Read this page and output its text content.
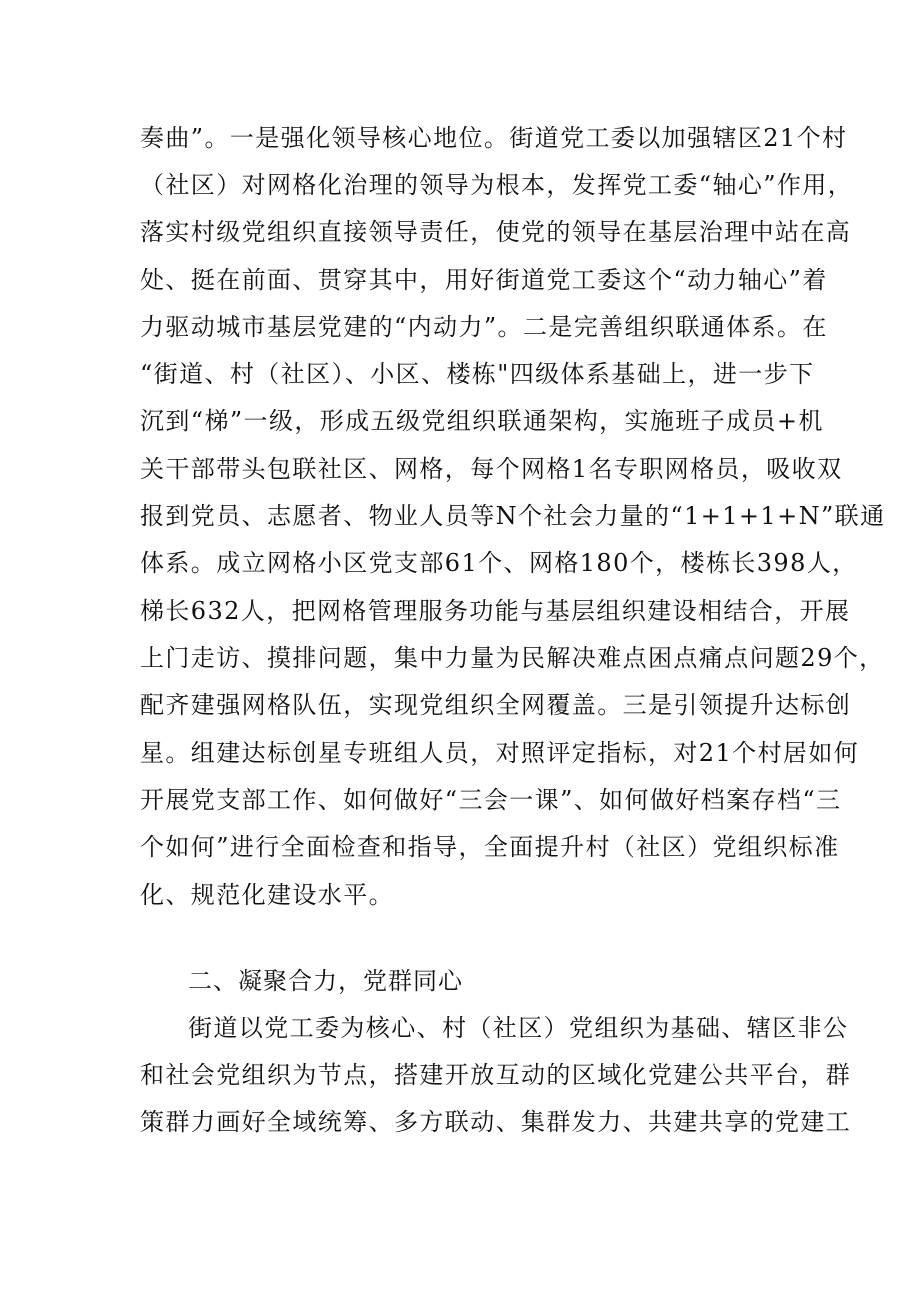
奏曲”。一是强化领导核心地位。街道党工委以加强辖区21个村
（社区）对网格化治理的领导为根本，发挥党工委“轴心”作用，
落实村级党组织直接领导责任，使党的领导在基层治理中站在高
处、挺在前面、贯穿其中，用好街道党工委这个“动力轴心”着
力驱动城市基层党建的“内动力”。二是完善组织联通体系。在
“街道、村（社区）、小区、楼栋"四级体系基础上，进一步下
沉到“梯”一级，形成五级党组织联通架构，实施班子成员+机
关干部带头包联社区、网格，每个网格1名专职网格员，吸收双
报到党员、志愿者、物业人员等N个社会力量的“1+1+1+N”联通
体系。成立网格小区党支部61个、网格180个，楼栋长398人，
梯长632人，把网格管理服务功能与基层组织建设相结合，开展
上门走访、摸排问题，集中力量为民解决难点困点痛点问题29个，
配齐建强网格队伍，实现党组织全网覆盖。三是引领提升达标创
星。组建达标创星专班组人员，对照评定指标，对21个村居如何
开展党支部工作、如何做好“三会一课”、如何做好档案存档“三
个如何”进行全面检查和指导，全面提升村（社区）党组织标准
化、规范化建设水平。
二、凝聚合力，党群同心
街道以党工委为核心、村（社区）党组织为基础、辖区非公
和社会党组织为节点，搭建开放互动的区域化党建公共平台，群
策群力画好全域统筹、多方联动、集群发力、共建共享的党建工
